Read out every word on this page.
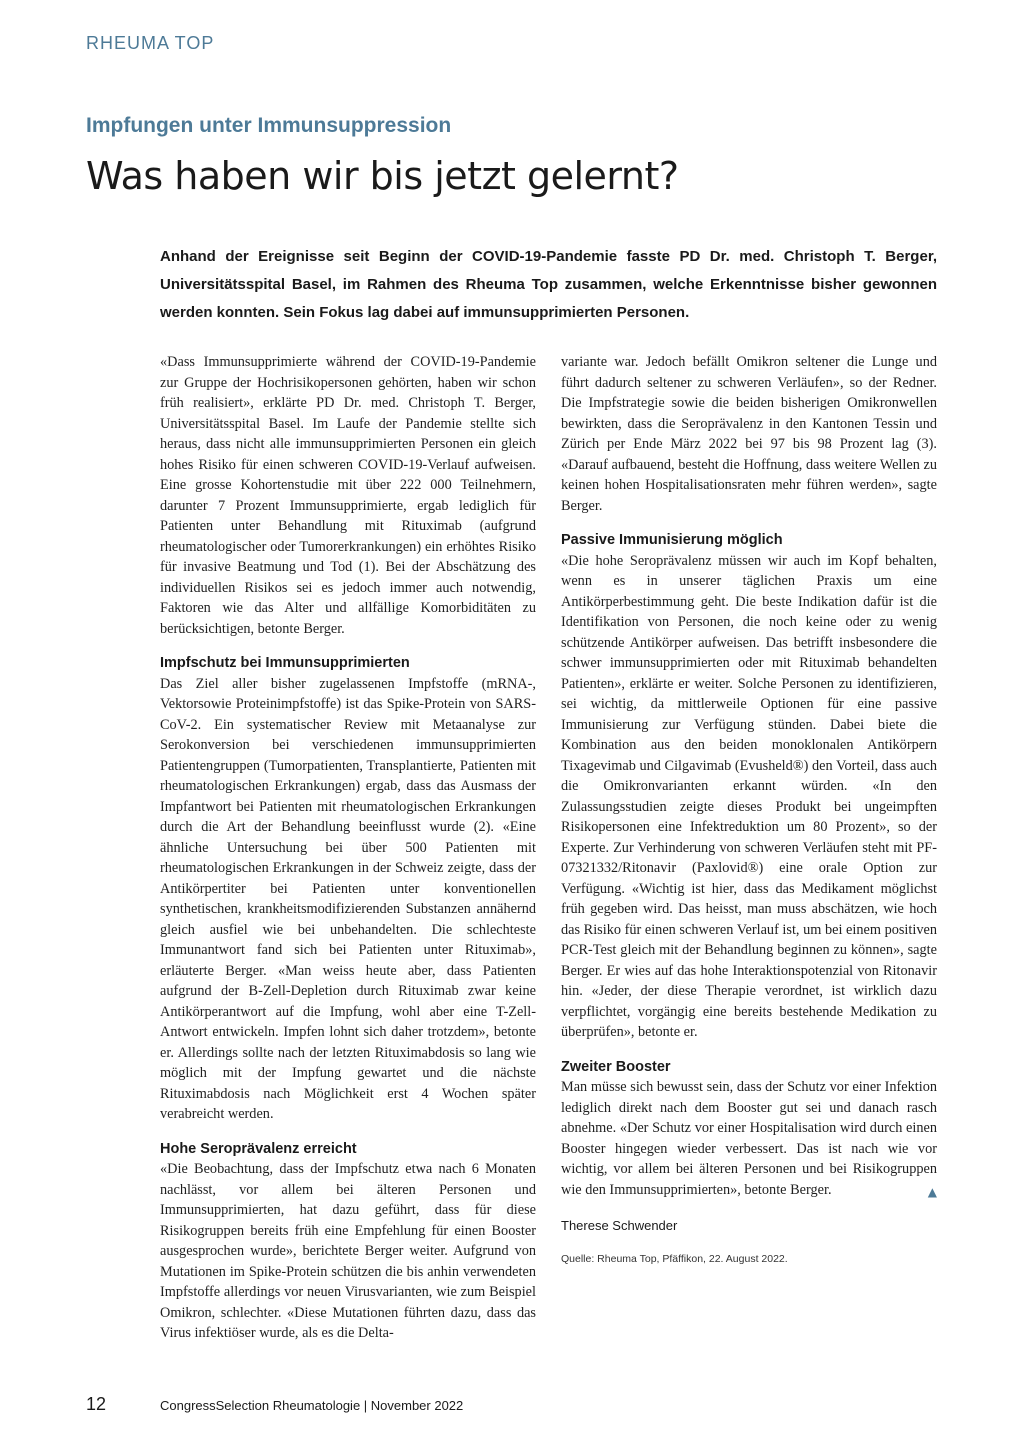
RHEUMA TOP
Impfungen unter Immunsuppression
Was haben wir bis jetzt gelernt?

Anhand der Ereignisse seit Beginn der COVID-19-Pandemie fasste PD Dr. med. Christoph T. Berger, Universitätsspital Basel, im Rahmen des Rheuma Top zusammen, welche Erkenntnisse bisher gewonnen werden konnten. Sein Fokus lag dabei auf immunsupprimierten Personen.

«Dass Immunsupprimierte während der COVID-19-Pandemie zur Gruppe der Hochrisikopersonen gehörten, haben wir schon früh realisiert», erklärte PD Dr. med. Christoph T. Berger, Universitätsspital Basel. Im Laufe der Pandemie stellte sich heraus, dass nicht alle immunsupprimierten Personen ein gleich hohes Risiko für einen schweren COVID-19-Verlauf aufweisen. Eine grosse Kohortenstudie mit über 222 000 Teilnehmern, darunter 7 Prozent Immunsupprimierte, ergab lediglich für Patienten unter Behandlung mit Rituximab (aufgrund rheumatologischer oder Tumorerkrankungen) ein erhöhtes Risiko für invasive Beatmung und Tod (1). Bei der Abschätzung des individuellen Risikos sei es jedoch immer auch notwendig, Faktoren wie das Alter und allfällige Komorbiditäten zu berücksichtigen, betonte Berger.

Impfschutz bei Immunsupprimierten

Das Ziel aller bisher zugelassenen Impfstoffe (mRNA-, Vektorsowie Proteinimpfstoffe) ist das Spike-Protein von SARS-CoV-2. Ein systematischer Review mit Metaanalyse zur Serokonversion bei verschiedenen immunsupprimierten Patientengruppen (Tumorpatienten, Transplantierte, Patienten mit rheumatologischen Erkrankungen) ergab, dass das Ausmass der Impfantwort bei Patienten mit rheumatologischen Erkrankungen durch die Art der Behandlung beeinflusst wurde (2). «Eine ähnliche Untersuchung bei über 500 Patienten mit rheumatologischen Erkrankungen in der Schweiz zeigte, dass der Antikörpertiter bei Patienten unter konventionellen synthetischen, krankheitsmodifizierenden Substanzen annähernd gleich ausfiel wie bei unbehandelten. Die schlechteste Immunantwort fand sich bei Patienten unter Rituximab», erläuterte Berger. «Man weiss heute aber, dass Patienten aufgrund der B-Zell-Depletion durch Rituximab zwar keine Antikörperantwort auf die Impfung, wohl aber eine T-Zell-Antwort entwickeln. Impfen lohnt sich daher trotzdem», betonte er. Allerdings sollte nach der letzten Rituximabdosis so lang wie möglich mit der Impfung gewartet und die nächste Rituximabdosis nach Möglichkeit erst 4 Wochen später verabreicht werden.

Hohe Seroprävalenz erreicht

«Die Beobachtung, dass der Impfschutz etwa nach 6 Monaten nachlässt, vor allem bei älteren Personen und Immunsupprimierten, hat dazu geführt, dass für diese Risikogruppen bereits früh eine Empfehlung für einen Booster ausgesprochen wurde», berichtete Berger weiter. Aufgrund von Mutationen im Spike-Protein schützen die bis anhin verwendeten Impfstoffe allerdings vor neuen Virusvarianten, wie zum Beispiel Omikron, schlechter. «Diese Mutationen führten dazu, dass das Virus infektiöser wurde, als es die Delta-

variante war. Jedoch befällt Omikron seltener die Lunge und führt dadurch seltener zu schweren Verläufen», so der Redner. Die Impfstrategie sowie die beiden bisherigen Omikronwellen bewirkten, dass die Seroprävalenz in den Kantonen Tessin und Zürich per Ende März 2022 bei 97 bis 98 Prozent lag (3). «Darauf aufbauend, besteht die Hoffnung, dass weitere Wellen zu keinen hohen Hospitalisationsraten mehr führen werden», sagte Berger.

Passive Immunisierung möglich

«Die hohe Seroprävalenz müssen wir auch im Kopf behalten, wenn es in unserer täglichen Praxis um eine Antikörperbestimmung geht. Die beste Indikation dafür ist die Identifikation von Personen, die noch keine oder zu wenig schützende Antikörper aufweisen. Das betrifft insbesondere die schwer immunsupprimierten oder mit Rituximab behandelten Patienten», erklärte er weiter. Solche Personen zu identifizieren, sei wichtig, da mittlerweile Optionen für eine passive Immunisierung zur Verfügung stünden. Dabei biete die Kombination aus den beiden monoklonalen Antikörpern Tixagevimab und Cilgavimab (Evusheld®) den Vorteil, dass auch die Omikronvarianten erkannt würden. «In den Zulassungsstudien zeigte dieses Produkt bei ungeimpften Risikopersonen eine Infektreduktion um 80 Prozent», so der Experte. Zur Verhinderung von schweren Verläufen steht mit PF-07321332/Ritonavir (Paxlovid®) eine orale Option zur Verfügung. «Wichtig ist hier, dass das Medikament möglichst früh gegeben wird. Das heisst, man muss abschätzen, wie hoch das Risiko für einen schweren Verlauf ist, um bei einem positiven PCR-Test gleich mit der Behandlung beginnen zu können», sagte Berger. Er wies auf das hohe Interaktionspotenzial von Ritonavir hin. «Jeder, der diese Therapie verordnet, ist wirklich dazu verpflichtet, vorgängig eine bereits bestehende Medikation zu überprüfen», betonte er.

Zweiter Booster

Man müsse sich bewusst sein, dass der Schutz vor einer Infektion lediglich direkt nach dem Booster gut sei und danach rasch abnehme. «Der Schutz vor einer Hospitalisation wird durch einen Booster hingegen wieder verbessert. Das ist nach wie vor wichtig, vor allem bei älteren Personen und bei Risikogruppen wie den Immunsupprimierten», betonte Berger.	▲
Therese Schwender
Quelle: Rheuma Top, Pfäffikon, 22. August 2022.
12	CongressSelection Rheumatologie | November 2022
